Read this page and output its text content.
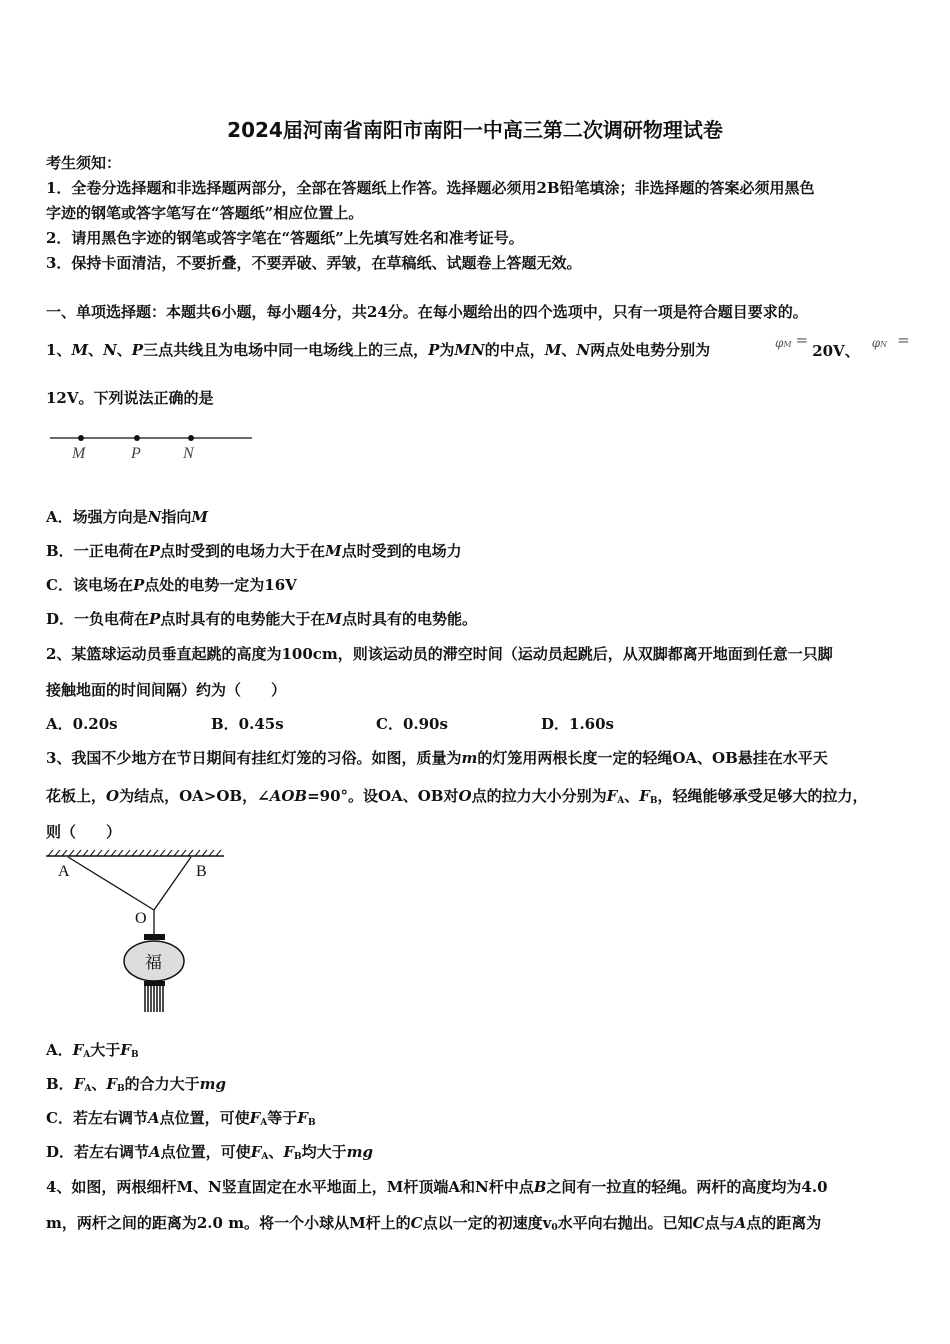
2024届河南省南阳市南阳一中高三第二次调研物理试卷
考生须知：
1．全卷分选择题和非选择题两部分，全部在答题纸上作答。选择题必须用2B铅笔填涂；非选择题的答案必须用黑色
字迹的钢笔或答字笔写在“答题纸”相应位置上。
2．请用黑色字迹的钢笔或答字笔在“答题纸”上先填写姓名和准考证号。
3．保持卡面清洁，不要折叠，不要弄破、弄皱，在草稿纸、试题卷上答题无效。
一、单项选择题：本题共6小题，每小题4分，共24分。在每小题给出的四个选项中，只有一项是符合题目要求的。
1、M、N、P三点共线且为电场中同一电场线上的三点，P为MN的中点，M、N两点处电势分别为	φM =20V、 φN =
12V。下列说法正确的是
M	P	N
A．场强方向是N指向M
B．一正电荷在P点时受到的电场力大于在M点时受到的电场力
C．该电场在P点处的电势一定为16V
D．一负电荷在P点时具有的电势能大于在M点时具有的电势能。
2、某篮球运动员垂直起跳的高度为100cm，则该运动员的滞空时间（运动员起跳后，从双脚都离开地面到任意一只脚
接触地面的时间间隔）约为（　　）
A．0.20s	B．0.45s	C．0.90s	D．1.60s
3、我国不少地方在节日期间有挂红灯笼的习俗。如图，质量为m的灯笼用两根长度一定的轻绳OA、OB悬挂在水平天
花板上，O为结点，OA>OB，∠AOB=90°。设OA、OB对O点的拉力大小分别为$F_A$、$F_B$，轻绳能够承受足够大的拉力，
则（　　）
A	B
O
福
A．$F_A$大于$F_B$
B．$F_A$、$F_B$的合力大于mg
C．若左右调节A点位置，可使$F_A$等于$F_B$
D．若左右调节A点位置，可使$F_A$、$F_B$均大于mg
4、如图，两根细杆M、N竖直固定在水平地面上，M杆顶端A和N杆中点B之间有一拉直的轻绳。两杆的高度均为4.0
m，两杆之间的距离为2.0 m。将一个小球从M杆上的C点以一定的初速度$v_0$水平向右抛出。已知C点与A点的距离为
